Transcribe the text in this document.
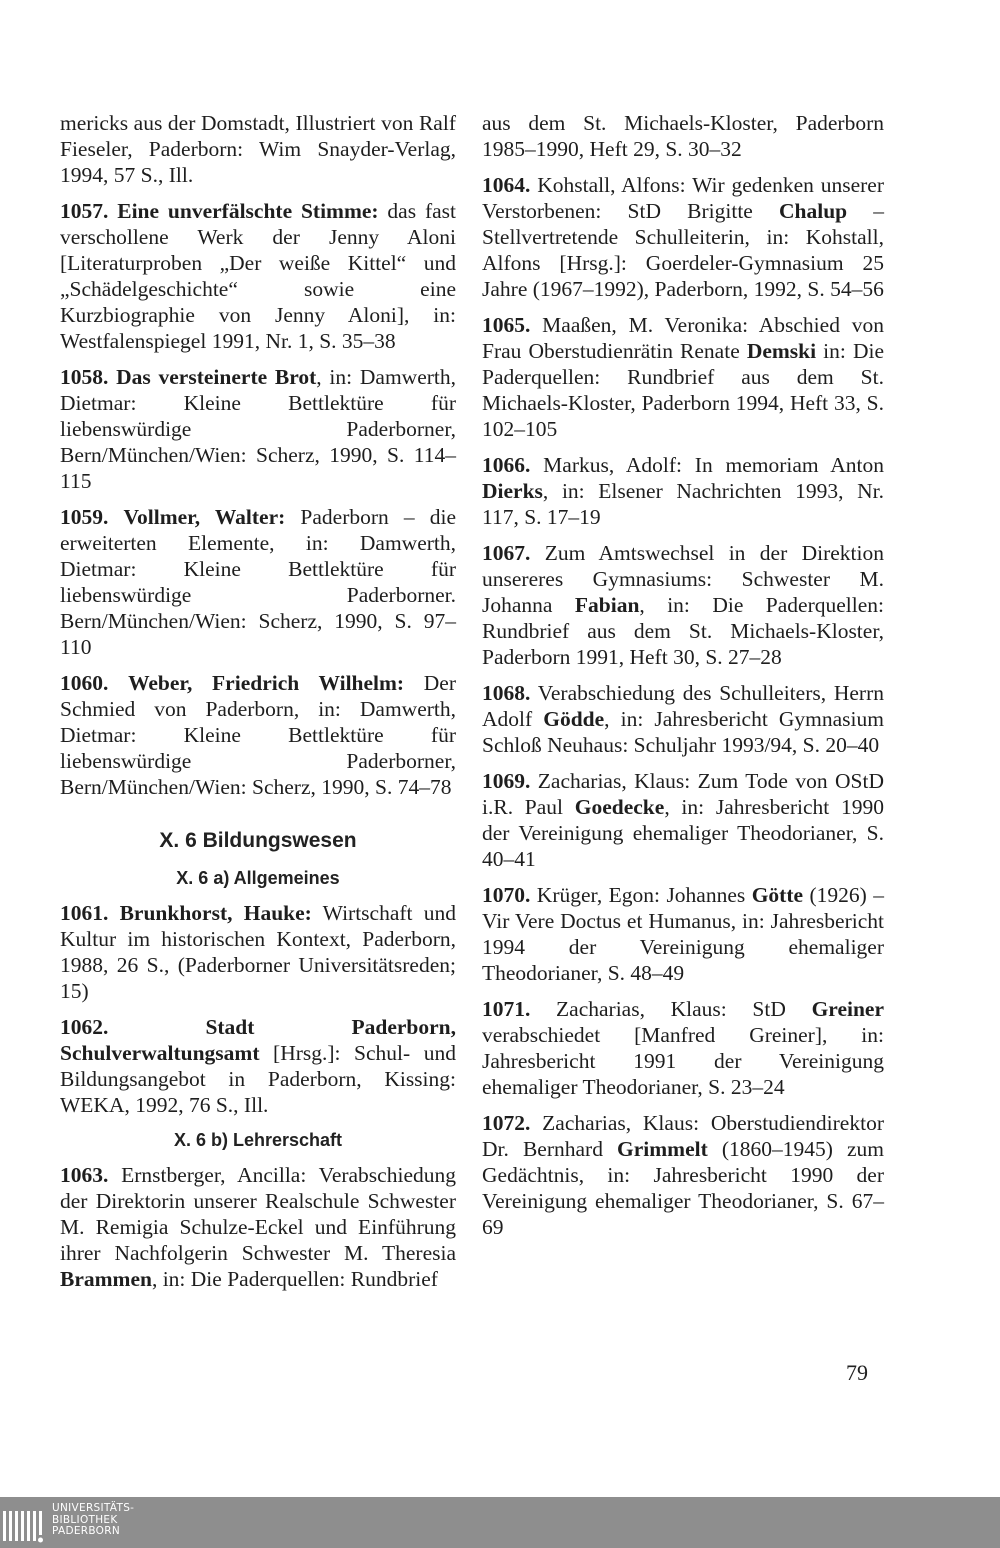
mericks aus der Domstadt, Illustriert von Ralf Fieseler, Paderborn: Wim Snayder-Verlag, 1994, 57 S., Ill.

1057. Eine unverfälschte Stimme: das fast verschollene Werk der Jenny Aloni [Literaturproben „Der weiße Kittel“ und „Schädelgeschichte“ sowie eine Kurzbiographie von Jenny Aloni], in: Westfalenspiegel 1991, Nr. 1, S. 35–38

1058. Das versteinerte Brot, in: Damwerth, Dietmar: Kleine Bettlektüre für liebenswürdige Paderborner, Bern/München/Wien: Scherz, 1990, S. 114–115

1059. Vollmer, Walter: Paderborn – die erweiterten Elemente, in: Damwerth, Dietmar: Kleine Bettlektüre für liebenswürdige Paderborner. Bern/München/Wien: Scherz, 1990, S. 97–110

1060. Weber, Friedrich Wilhelm: Der Schmied von Paderborn, in: Damwerth, Dietmar: Kleine Bettlektüre für liebenswürdige Paderborner, Bern/München/Wien: Scherz, 1990, S. 74–78

X. 6 Bildungswesen
X. 6 a) Allgemeines

1061. Brunkhorst, Hauke: Wirtschaft und Kultur im historischen Kontext, Paderborn, 1988, 26 S., (Paderborner Universitätsreden; 15)

1062.	Stadt Paderborn, Schulverwaltungsamt [Hrsg.]: Schul- und Bildungsangebot in Paderborn, Kissing: WEKA, 1992, 76 S., Ill.

X. 6 b) Lehrerschaft

1063. Ernstberger, Ancilla: Verabschiedung der Direktorin unserer Realschule Schwester M. Remigia Schulze-Eckel und Einführung ihrer Nachfolgerin Schwester M. Theresia Brammen, in: Die Paderquellen: Rundbrief

aus dem St. Michaels-Kloster, Paderborn 1985–1990, Heft 29, S. 30–32

1064. Kohstall, Alfons: Wir gedenken unserer Verstorbenen: StD Brigitte Chalup – Stellvertretende Schulleiterin, in: Kohstall, Alfons [Hrsg.]: Goerdeler-Gymnasium 25 Jahre (1967–1992), Paderborn, 1992, S. 54–56

1065. Maaßen, M. Veronika: Abschied von Frau Oberstudienrätin Renate Demski in: Die Paderquellen: Rundbrief aus dem St. Michaels-Kloster, Paderborn 1994, Heft 33, S. 102–105

1066. Markus, Adolf: In memoriam Anton Dierks, in: Elsener Nachrichten 1993, Nr. 117, S. 17–19

1067. Zum Amtswechsel in der Direktion unsereres Gymnasiums: Schwester M. Johanna Fabian, in: Die Paderquellen: Rundbrief aus dem St. Michaels-Kloster, Paderborn 1991, Heft 30, S. 27–28

1068. Verabschiedung des Schulleiters, Herrn Adolf Gödde, in: Jahresbericht Gymnasium Schloß Neuhaus: Schuljahr 1993/94, S. 20–40

1069. Zacharias, Klaus: Zum Tode von OStD i.R. Paul Goedecke, in: Jahresbericht 1990 der Vereinigung ehemaliger Theodorianer, S. 40–41

1070. Krüger, Egon: Johannes Götte (1926) – Vir Vere Doctus et Humanus, in: Jahresbericht 1994 der Vereinigung ehemaliger Theodorianer, S. 48–49

1071. Zacharias, Klaus: StD Greiner verabschiedet [Manfred Greiner], in: Jahresbericht 1991 der Vereinigung ehemaliger Theodorianer, S. 23–24

1072. Zacharias, Klaus: Oberstudiendirektor Dr. Bernhard Grimmelt (1860–1945) zum Gedächtnis, in: Jahresbericht 1990 der Vereinigung ehemaliger Theodorianer, S. 67–69

79
UNIVERSITÄTS-
BIBLIOTHEK
PADERBORN
